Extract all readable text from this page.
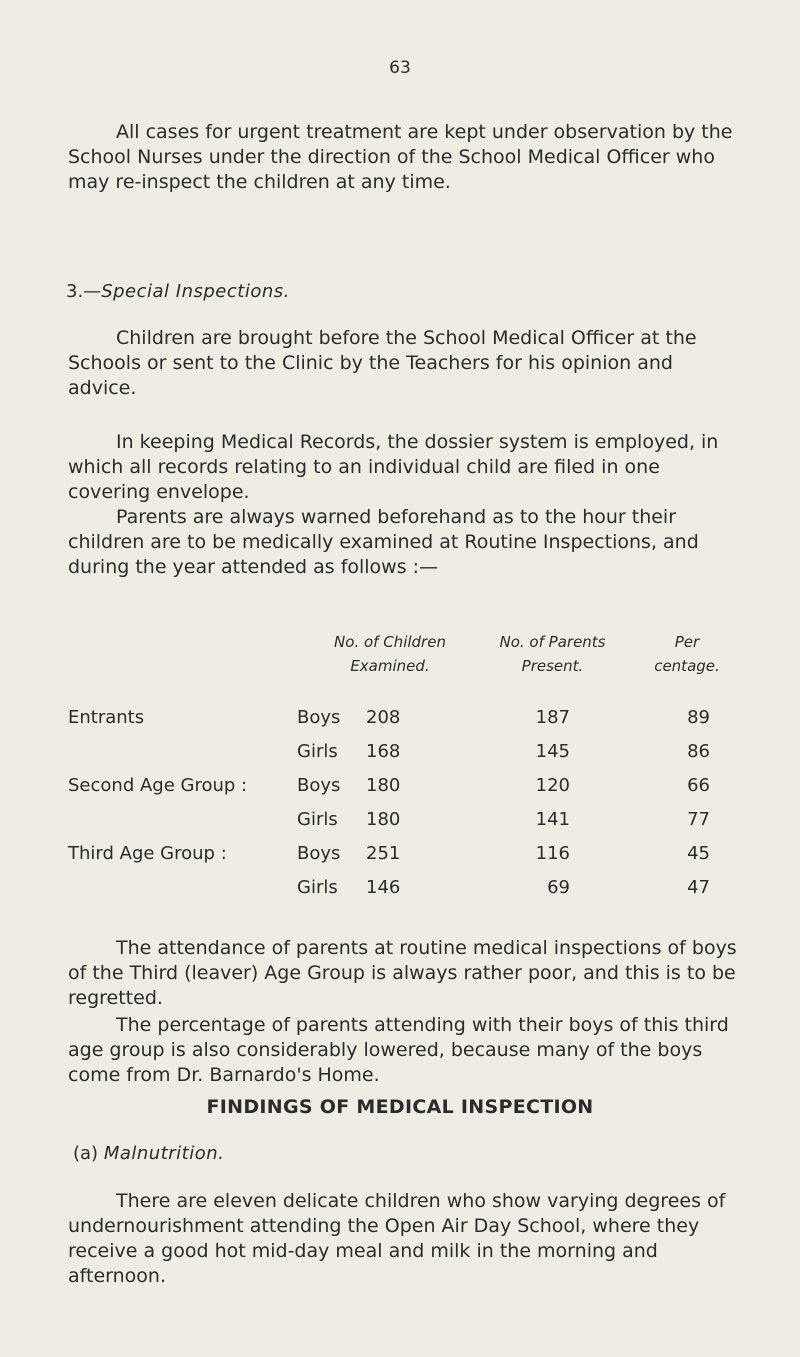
63

All cases for urgent treatment are kept under observation by the School Nurses under the direction of the School Medical Officer who may re-inspect the children at any time.

3.—Special Inspections.

Children are brought before the School Medical Officer at the Schools or sent to the Clinic by the Teachers for his opinion and advice.

In keeping Medical Records, the dossier system is employed, in which all records relating to an individual child are filed in one covering envelope.

Parents are always warned beforehand as to the hour their children are to be medically examined at Routine Inspections, and during the year attended as follows :—

No. of Children
Examined.
No. of Parents
Present.
Per
centage.
Entrants	Boys 208	187	89
Girls 168	145	86
Second Age Group :	Boys 180	120	66
Girls 180	141	77
Third Age Group :	Boys 251	116	45
Girls 146	69	47

The attendance of parents at routine medical inspections of boys of the Third (leaver) Age Group is always rather poor, and this is to be regretted.

The percentage of parents attending with their boys of this third age group is also considerably lowered, because many of the boys come from Dr. Barnardo's Home.

FINDINGS OF MEDICAL INSPECTION

(a) Malnutrition.

There are eleven delicate children who show varying degrees of undernourishment attending the Open Air Day School, where they receive a good hot mid-day meal and milk in the morning and afternoon.
